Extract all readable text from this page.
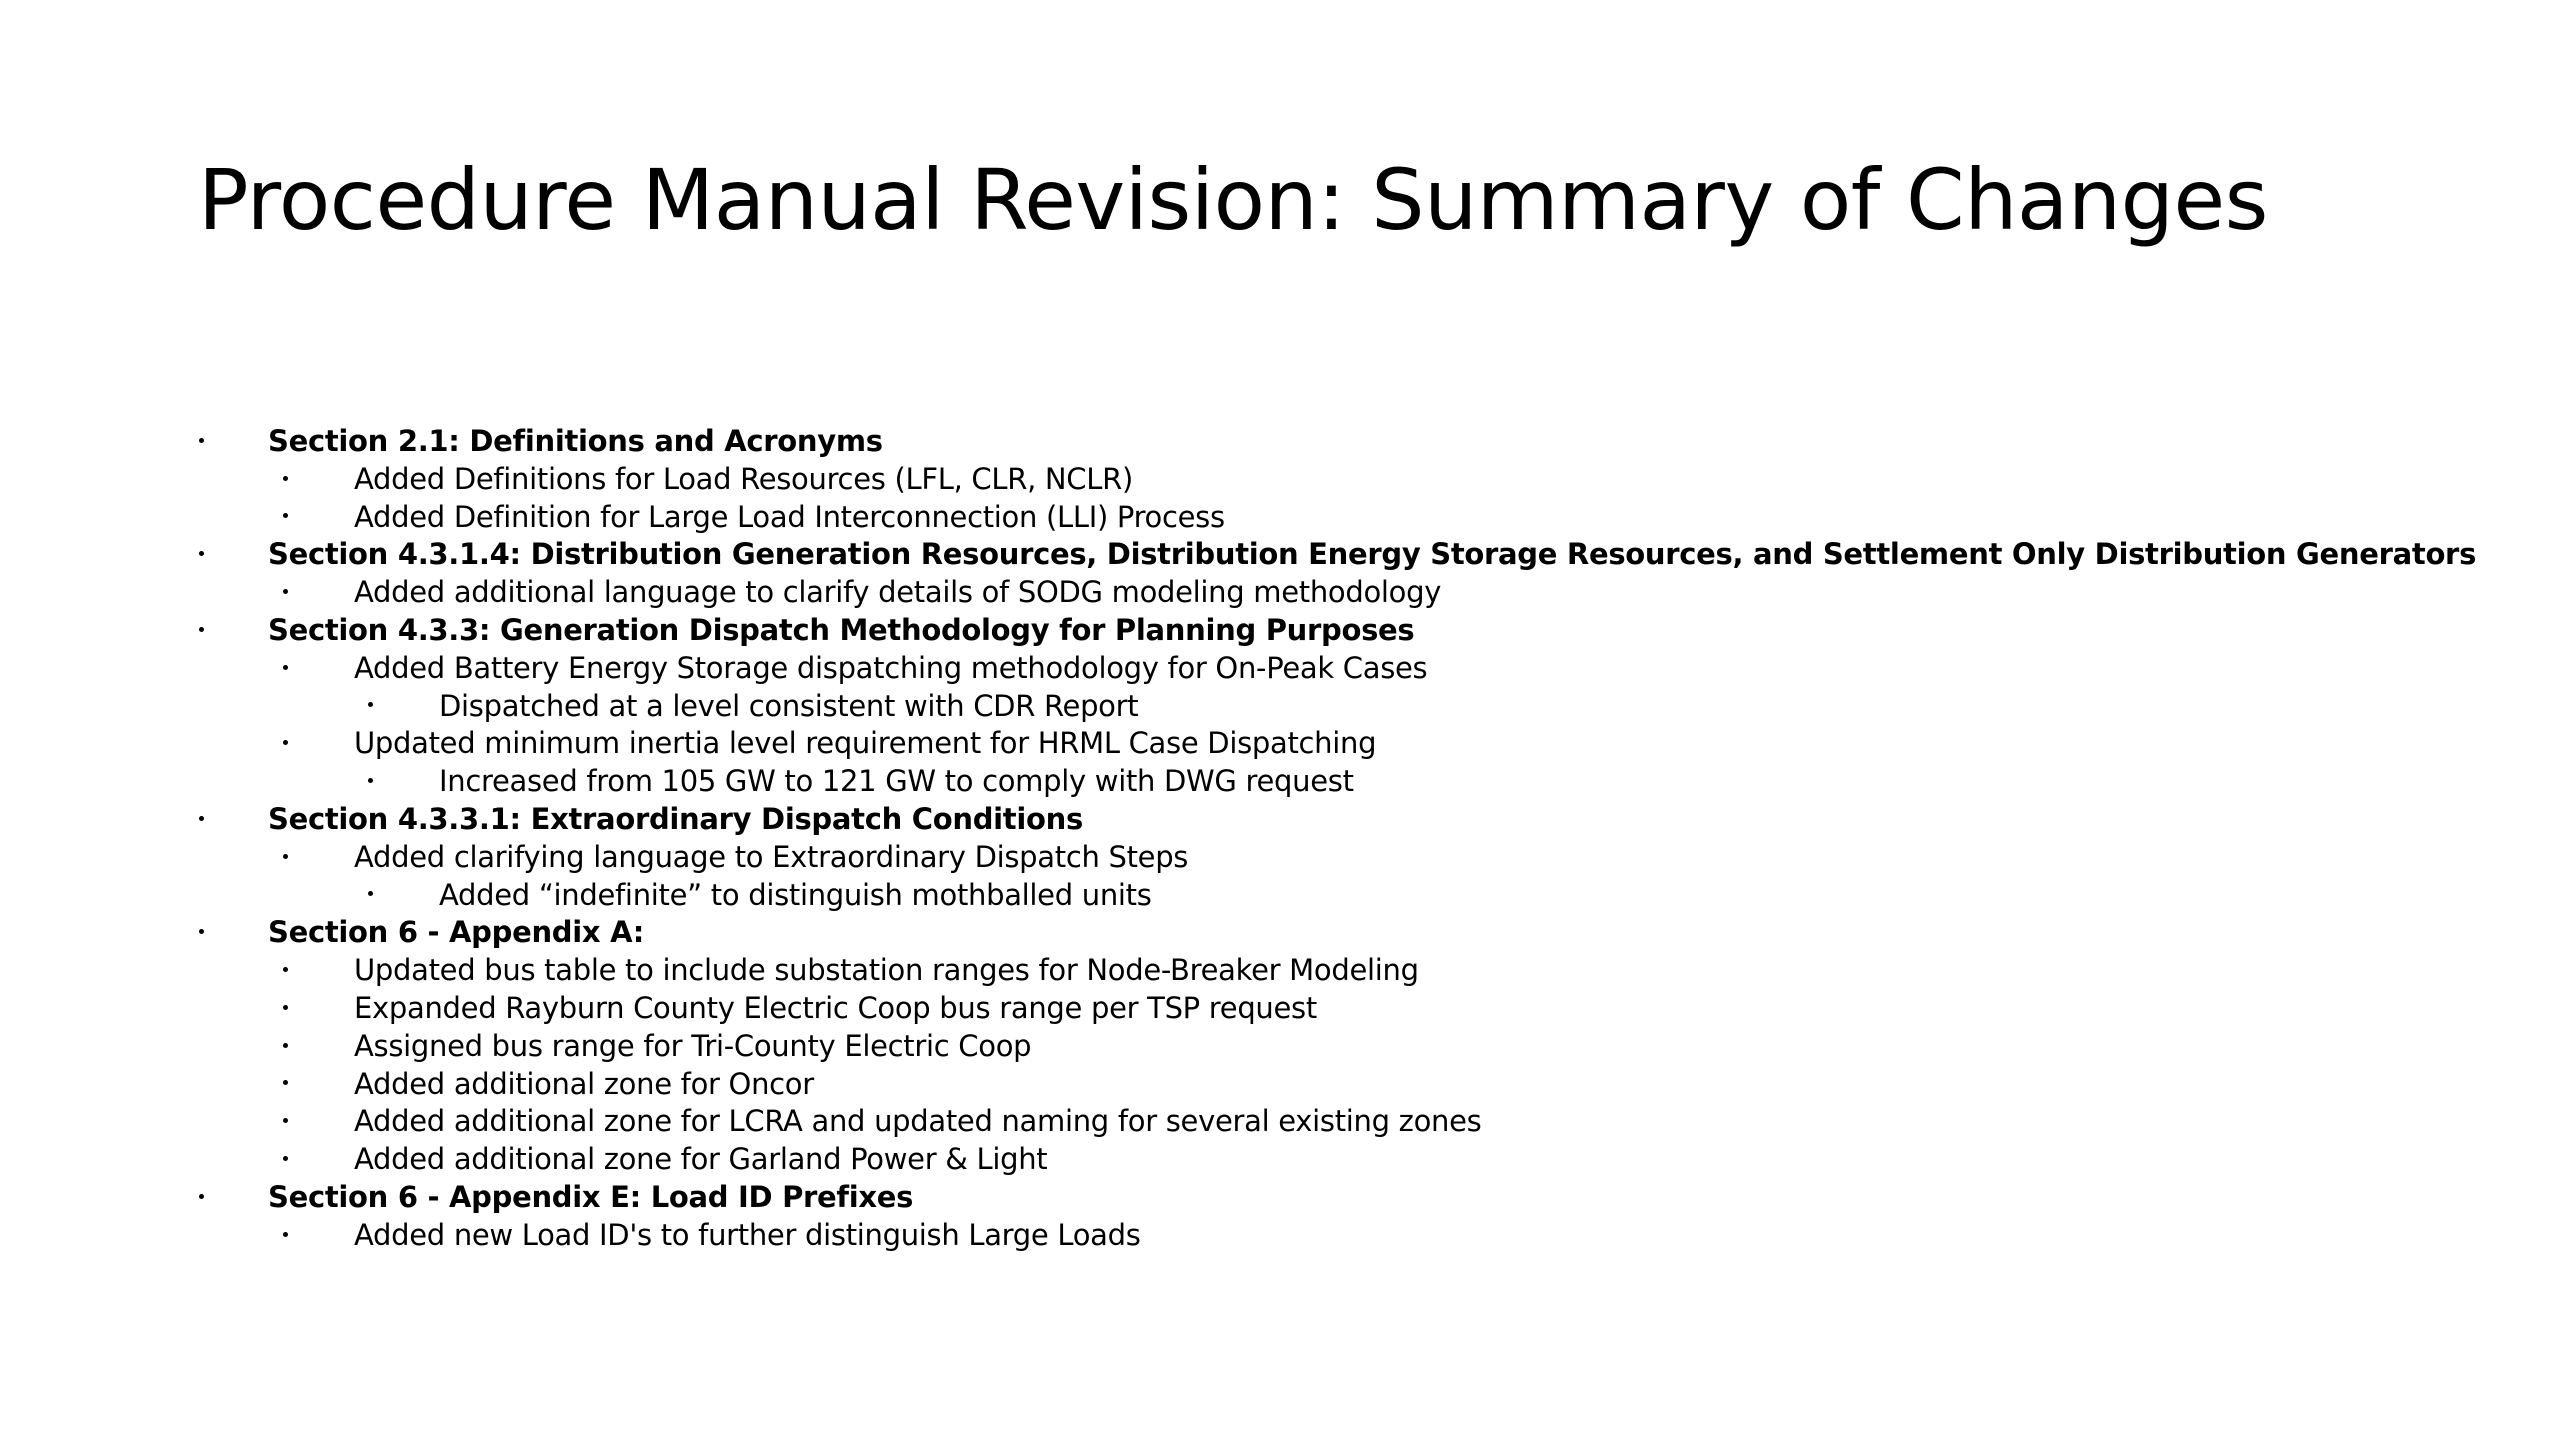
Procedure Manual Revision: Summary of Changes
Section 2.1: Definitions and Acronyms
Added Definitions for Load Resources (LFL, CLR, NCLR)
Added Definition for Large Load Interconnection (LLI) Process
Section 4.3.1.4: Distribution Generation Resources, Distribution Energy Storage Resources, and Settlement Only Distribution Generators
Added additional language to clarify details of SODG modeling methodology
Section 4.3.3: Generation Dispatch Methodology for Planning Purposes
Added Battery Energy Storage dispatching methodology for On-Peak Cases
Dispatched at a level consistent with CDR Report
Updated minimum inertia level requirement for HRML Case Dispatching
Increased from 105 GW to 121 GW to comply with DWG request
Section 4.3.3.1: Extraordinary Dispatch Conditions
Added clarifying language to Extraordinary Dispatch Steps
Added “indefinite” to distinguish mothballed units
Section 6 - Appendix A:
Updated bus table to include substation ranges for Node-Breaker Modeling
Expanded Rayburn County Electric Coop bus range per TSP request
Assigned bus range for Tri-County Electric Coop
Added additional zone for Oncor
Added additional zone for LCRA and updated naming for several existing zones
Added additional zone for Garland Power & Light
Section 6 - Appendix E: Load ID Prefixes
Added new Load ID's to further distinguish Large Loads
